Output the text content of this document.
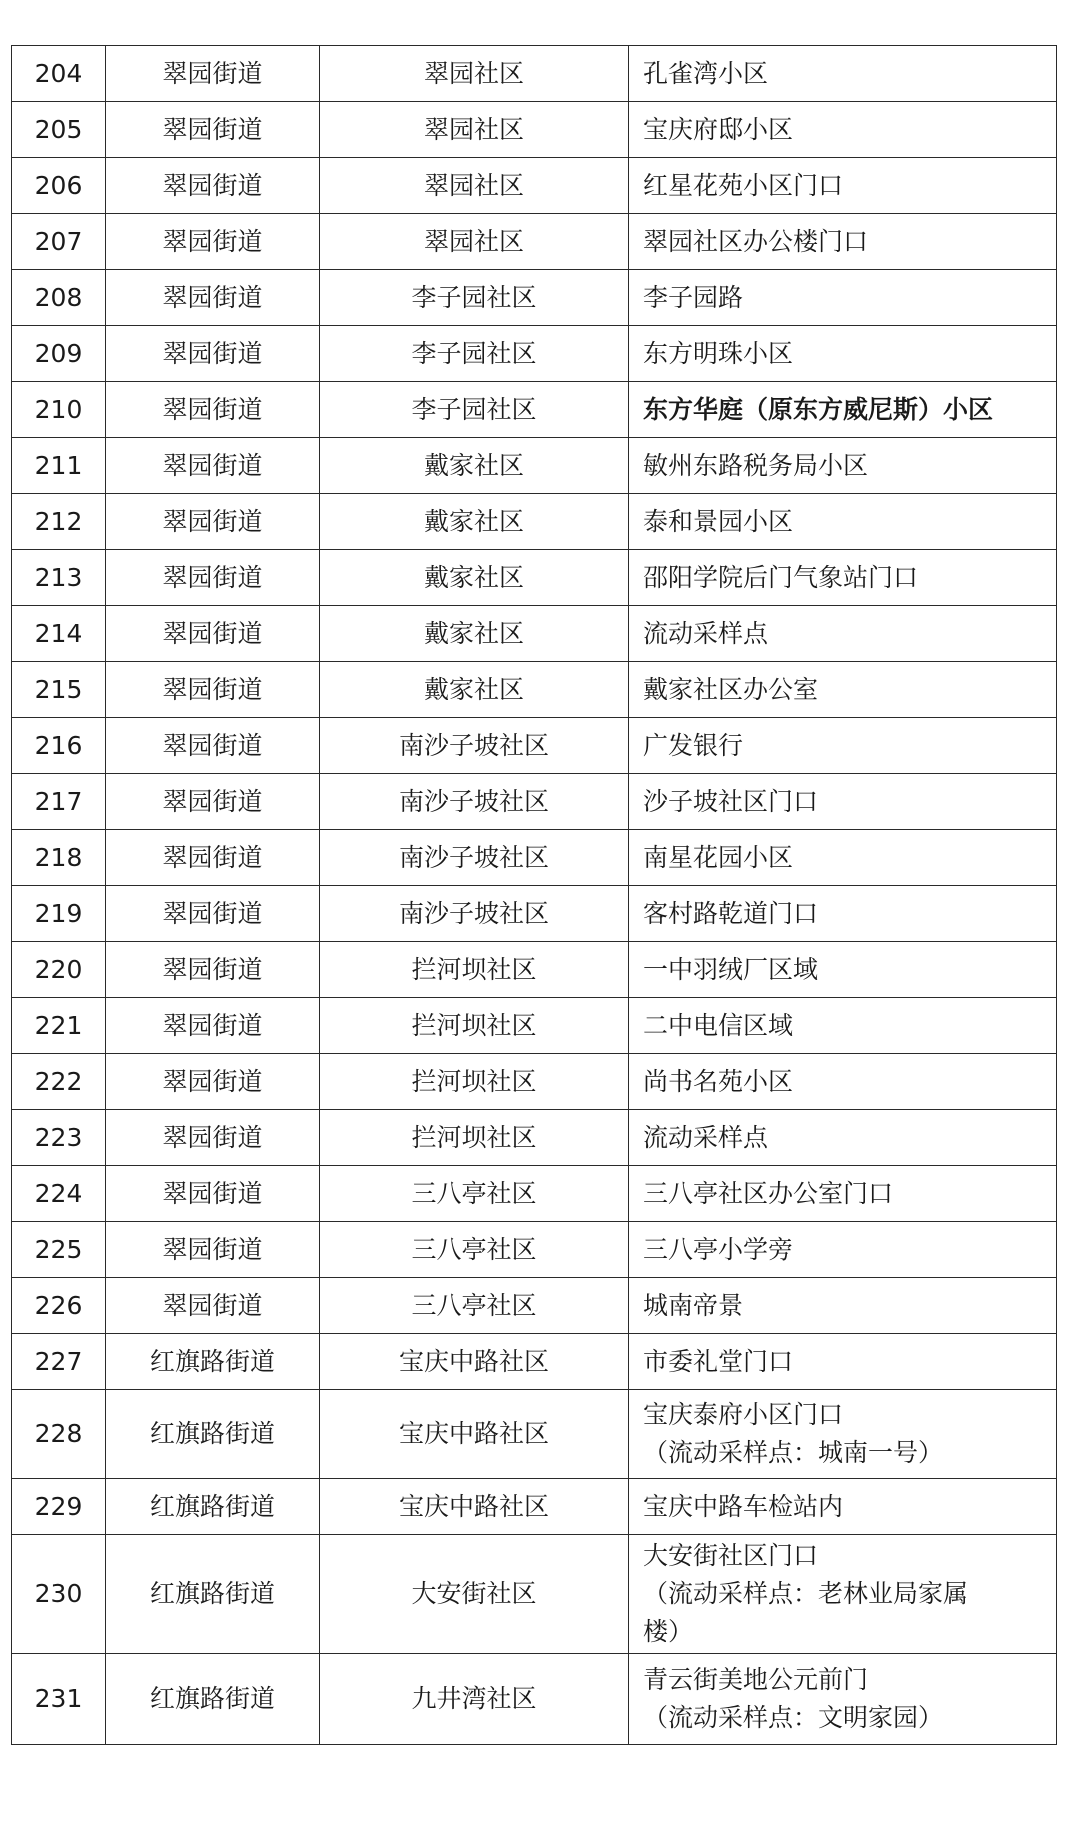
204	翠园街道	翠园社区	孔雀湾小区

205	翠园街道	翠园社区	宝庆府邸小区

206	翠园街道	翠园社区	红星花苑小区门口

207	翠园街道	翠园社区	翠园社区办公楼门口

208	翠园街道	李子园社区	李子园路

209	翠园街道	李子园社区	东方明珠小区

210	翠园街道	李子园社区	东方华庭（原东方威尼斯）小区

211	翠园街道	戴家社区	敏州东路税务局小区

212	翠园街道	戴家社区	泰和景园小区

213	翠园街道	戴家社区	邵阳学院后门气象站门口

214	翠园街道	戴家社区	流动采样点

215	翠园街道	戴家社区	戴家社区办公室

216	翠园街道	南沙子坡社区	广发银行

217	翠园街道	南沙子坡社区	沙子坡社区门口

218	翠园街道	南沙子坡社区	南星花园小区

219	翠园街道	南沙子坡社区	客村路乾道门口

220	翠园街道	拦河坝社区	一中羽绒厂区域

221	翠园街道	拦河坝社区	二中电信区域

222	翠园街道	拦河坝社区	尚书名苑小区

223	翠园街道	拦河坝社区	流动采样点

224	翠园街道	三八亭社区	三八亭社区办公室门口

225	翠园街道	三八亭社区	三八亭小学旁

226	翠园街道	三八亭社区	城南帝景

227	红旗路街道	宝庆中路社区	市委礼堂门口

228	红旗路街道	宝庆中路社区	宝庆泰府小区门口
（流动采样点：城南一号）

229	红旗路街道	宝庆中路社区	宝庆中路车检站内

230	红旗路街道	大安街社区	大安街社区门口
（流动采样点：老林业局家属
楼）

231	红旗路街道	九井湾社区	青云街美地公元前门
（流动采样点：文明家园）
